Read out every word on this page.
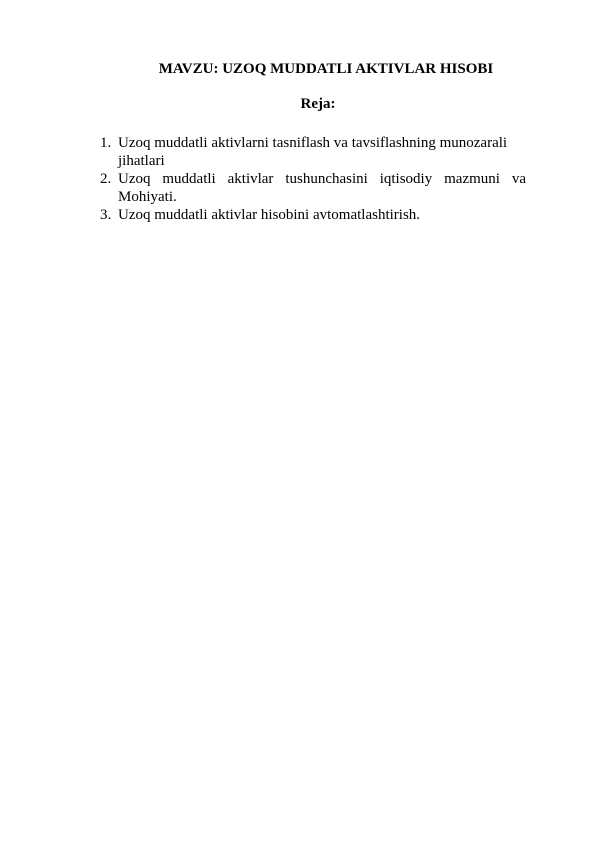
MAVZU: UZOQ MUDDATLI AKTIVLAR HISOBI
Reja:
1. Uzoq muddatli aktivlarni tasniflash va tavsiflashning munozarali
jihatlari
2. Uzoq muddatli aktivlar tushunchasini iqtisodiy mazmuni va
Mohiyati.
3. Uzoq muddatli aktivlar hisobini avtomatlashtirish.
